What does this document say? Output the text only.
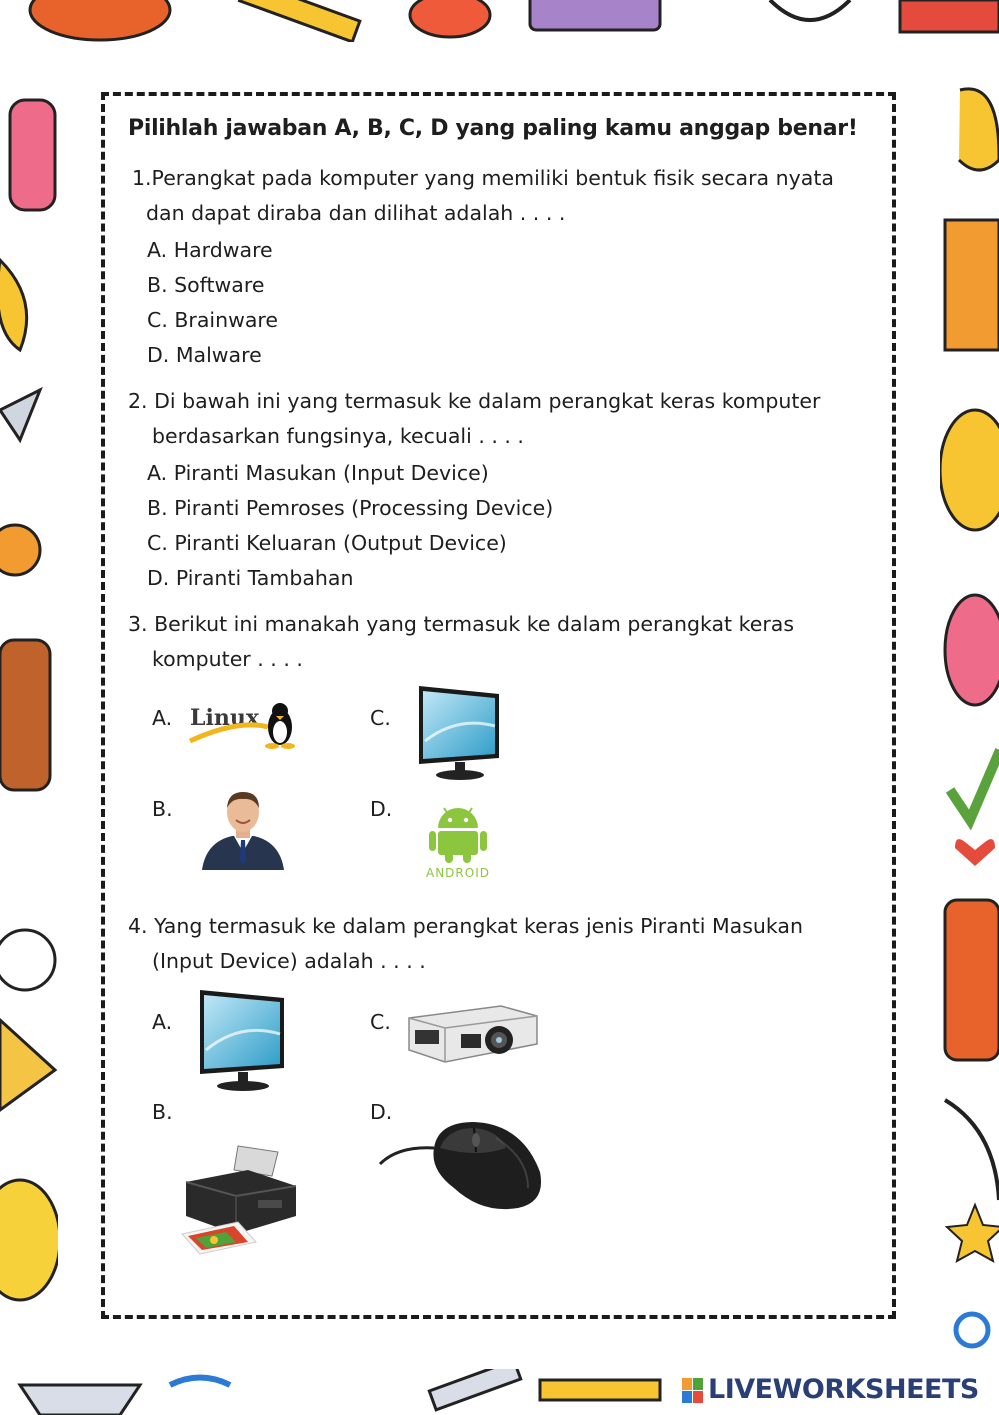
Pilihlah jawaban A, B, C, D yang paling kamu anggap benar!
1.Perangkat pada komputer yang memiliki bentuk fisik secara nyata
dan dapat diraba dan dilihat adalah . . . .
A. Hardware
B. Software
C. Brainware
D. Malware
2. Di bawah ini yang termasuk ke dalam perangkat keras komputer
berdasarkan fungsinya, kecuali . . . .
A. Piranti Masukan (Input Device)
B. Piranti Pemroses (Processing Device)
C. Piranti Keluaran (Output Device)
D. Piranti Tambahan
3. Berikut ini manakah yang termasuk ke dalam perangkat keras
komputer . . . .
A. Linux	C.
B.	D.
ANDROID
4. Yang termasuk ke dalam perangkat keras jenis Piranti Masukan
(Input Device) adalah . . . .
A.	C.
B.	D.
LIVEWORKSHEETS
